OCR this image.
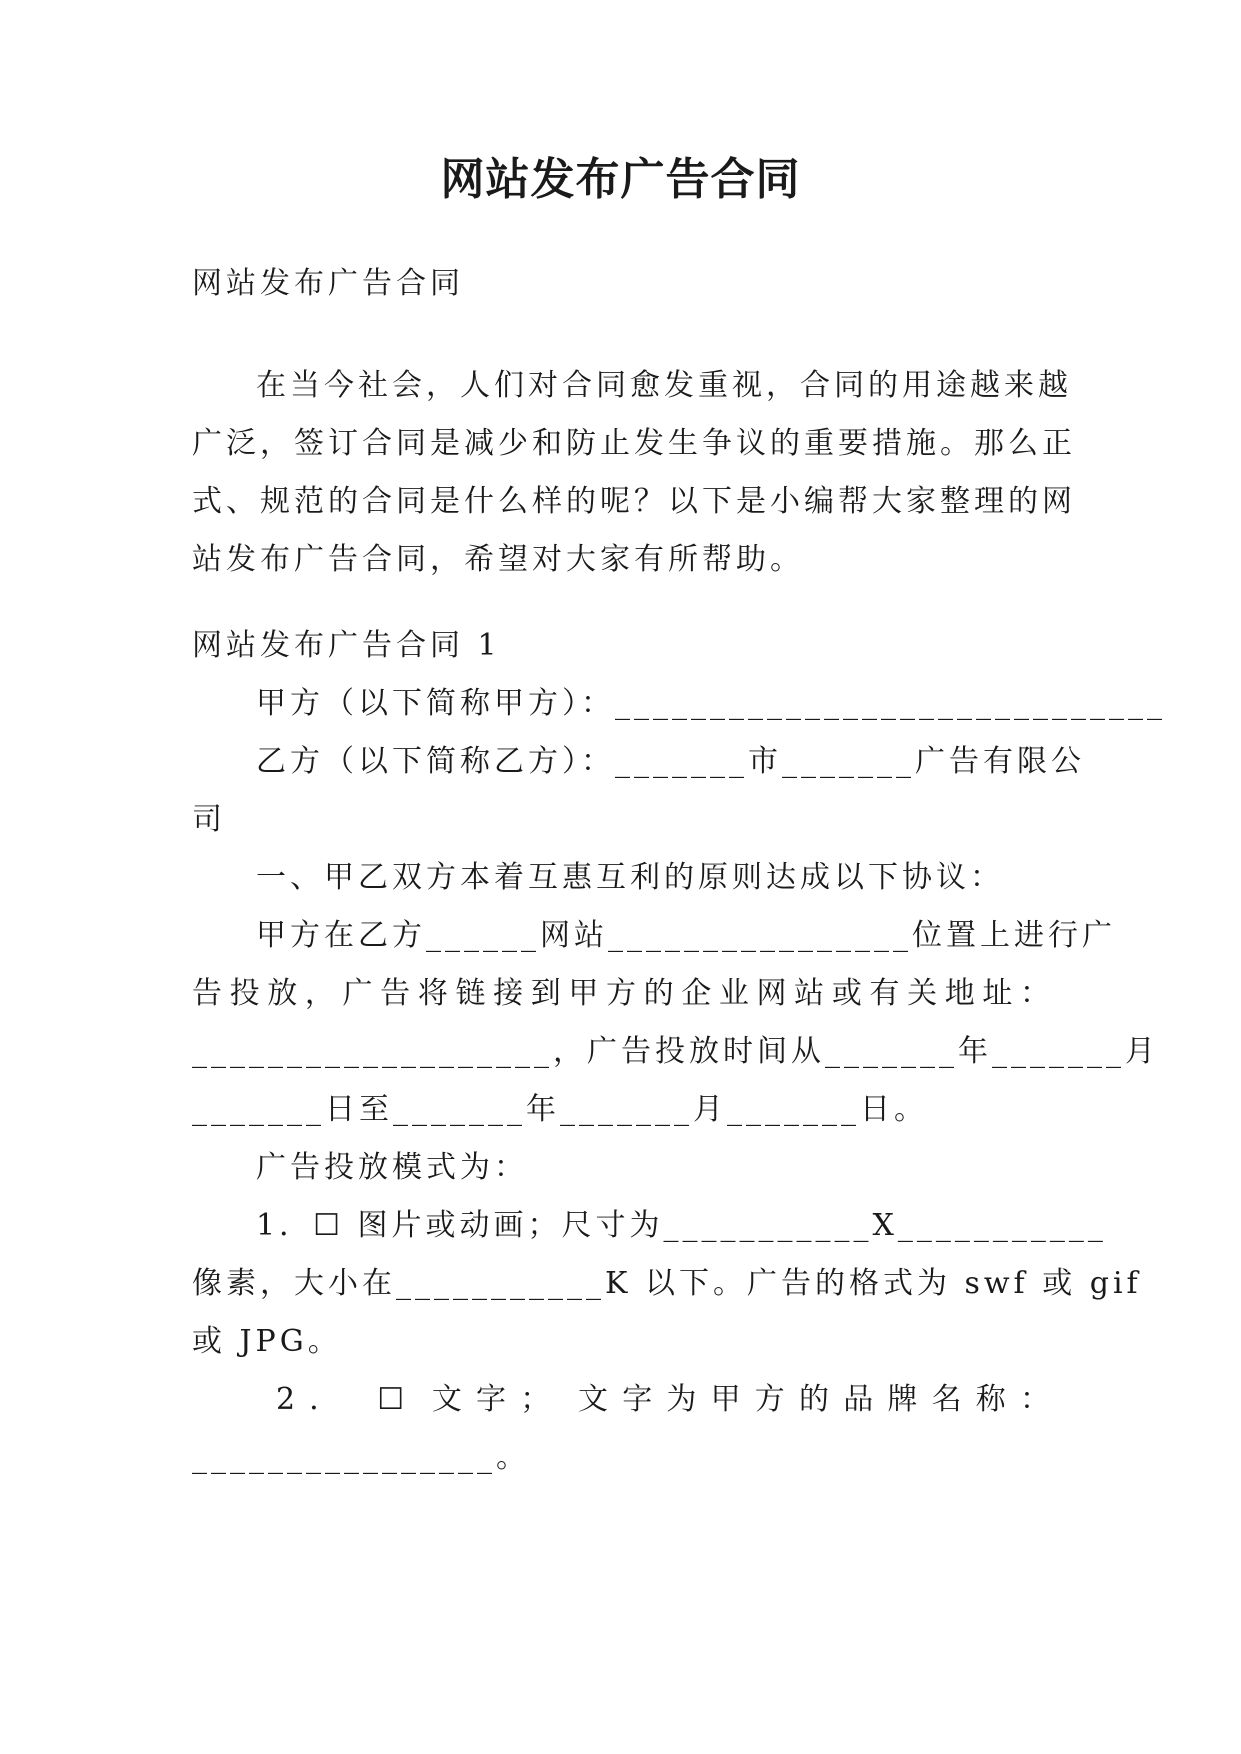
网站发布广告合同
网站发布广告合同
在当今社会，人们对合同愈发重视，合同的用途越来越
广泛，签订合同是减少和防止发生争议的重要措施。那么正
式、规范的合同是什么样的呢？以下是小编帮大家整理的网
站发布广告合同，希望对大家有所帮助。
网站发布广告合同 1
甲方（以下简称甲方）：_____________________________
乙方（以下简称乙方）：_______市_______广告有限公
司
一、甲乙双方本着互惠互利的原则达成以下协议：
甲方在乙方______网站________________位置上进行广
告投放，广告将链接到甲方的企业网站或有关地址：
___________________，广告投放时间从_______年_______月
_______日至_______年_______月_______日。
广告投放模式为：
1．☐ 图片或动画；尺寸为___________X___________
像素，大小在___________K 以下。广告的格式为 swf 或 gif
或 JPG。
2． ☐ 文字； 文字为甲方的品牌名称：
________________。
